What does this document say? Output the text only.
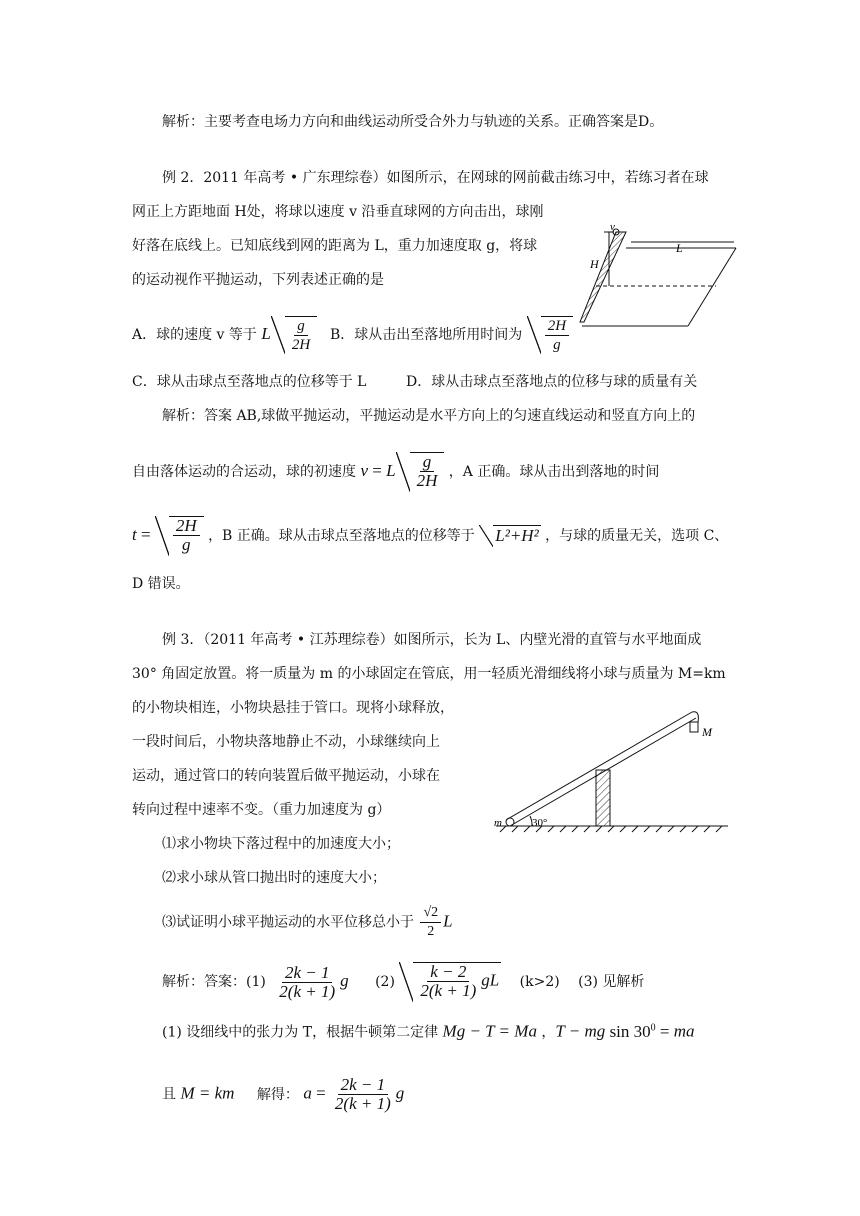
解析：主要考查电场力方向和曲线运动所受合外力与轨迹的关系。正确答案是D。
例 2．2011 年高考 • 广东理综卷）如图所示，在网球的网前截击练习中，若练习者在球
网正上方距地面 H处，将球以速度 v 沿垂直球网的方向击出，球刚
好落在底线上。已知底线到网的距离为 L，重力加速度取 g，将球
的运动视作平抛运动，下列表述正确的是
v
H
L
A．球的速度 v 等于 L $\frac{g}{2H}$ B．球从击出至落地所用时间为 $\frac{2H}{g}$
C．球从击球点至落地点的位移等于 L	D．球从击球点至落地点的位移与球的质量有关
解析：答案 AB,球做平抛运动，平抛运动是水平方向上的匀速直线运动和竖直方向上的
自由落体运动的合运动，球的初速度 v = L $\frac{g}{2H}$ ，A 正确。球从击出到落地的时间
$t = \frac{2H}{g}$ ，B 正确。球从击球点至落地点的位移等于 L²+H² ，与球的质量无关，选项 C、
D 错误。
例 3．（2011 年高考 • 江苏理综卷）如图所示，长为 L、内壁光滑的直管与水平地面成
30° 角固定放置。将一质量为 m 的小球固定在管底，用一轻质光滑细线将小球与质量为 M=km
的小物块相连，小物块悬挂于管口。现将小球释放，
一段时间后，小物块落地静止不动，小球继续向上
运动，通过管口的转向装置后做平抛运动，小球在
转向过程中速率不变。（重力加速度为 g）
M
m	30°
⑴求小物块下落过程中的加速度大小；
⑵求小球从管口抛出时的速度大小；
⑶试证明小球平抛运动的水平位移总小于 $\frac{√2}{2}$ L
解析：答案：$(1) \frac{2k - 1}{2(k + 1)}$ g $(2) \frac{k - 2}{2(k + 1)}$ gL (k>2) (3) 见解析
(1) 设细线中的张力为 T，根据牛顿第二定律 Mg − T = Ma ，T − mg $\sin 30^0$ = ma
且 M = km 解得： $a = \frac{2k - 1}{2(k + 1)}$ g
